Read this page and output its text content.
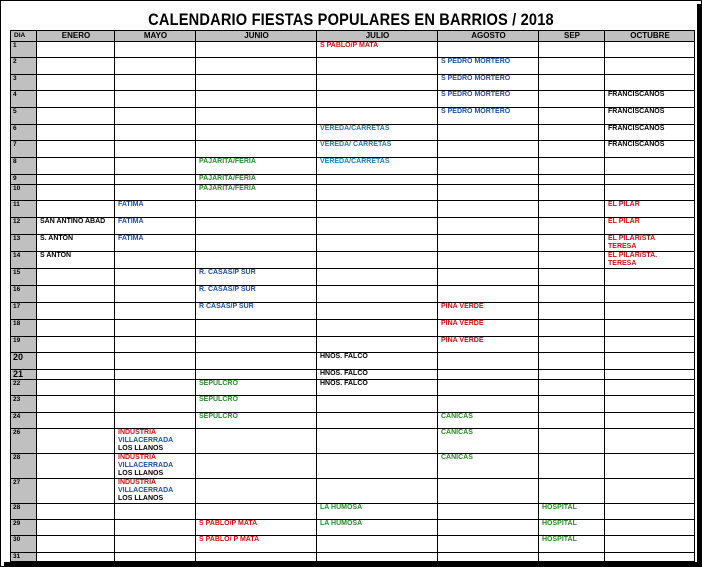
CALENDARIO FIESTAS POPULARES EN BARRIOS / 2018
DIA	ENERO	MAYO	JUNIO	JULIO	AGOSTO	SEP	OCTUBRE
1				S PABLO/P MATA			

2					S PEDRO MORTERO		

3					S PEDRO MORTERO		

4					S PEDRO MORTERO		FRANCISCANOS

5					S PEDRO MORTERO		FRANCISCANOS

6				VEREDA/CARRETAS			FRANCISCANOS

7				VEREDA/ CARRETAS			FRANCISCANOS

8			PAJARITA/FERIA	VEREDA/CARRETAS			

9			PAJARITA/FERIA				

10			PAJARITA/FERIA				

11		FATIMA					EL PILAR

12	SAN ANTINO ABAD	FATIMA					EL PILAR

13	S. ANTON	FATIMA					EL PILAR/STA
TERESA

14	S ANTON						EL PILAR/STA.
TERESA

15			R. CASAS/P SUR				

16			R. CASAS/P SUR				

17			R CASAS/P SUR		PIÑA VERDE		

18					PIÑA VERDE		

19					PIÑA VERDE		

20				HNOS. FALCO			

21				HNOS. FALCO			

22			SEPULCRO	HNOS. FALCO			

23			SEPULCRO				

24			SEPULCRO		CAÑICAS		

26		INDUSTRIA
VILLACERRADA
LOS LLANOS			CAÑICAS		

28		INDUSTRIA
VILLACERRADA
LOS LLANOS			CAÑICAS		

27		INDUSTRIA
VILLACERRADA
LOS LLANOS					

28				LA HUMOSA		HOSPITAL	

29			S PABLO/P MATA	LA HUMOSA		HOSPITAL	

30			S PABLO/ P MATA			HOSPITAL	

31							
